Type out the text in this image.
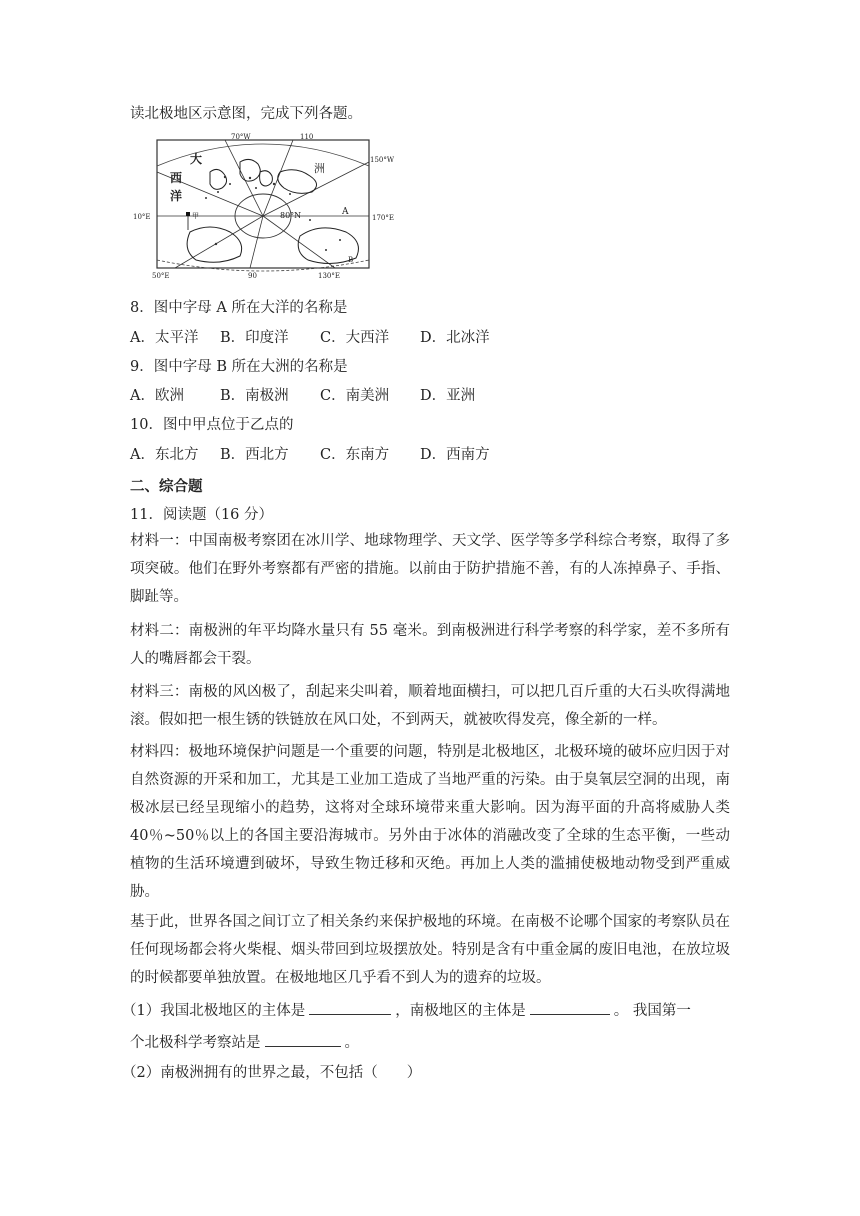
读北极地区示意图，完成下列各题。
70°W	110
150°W
大
洲
西
洋
10°E	170°E
甲	80°N	A
B
50°E	90	130°E
8．图中字母 A 所在大洋的名称是
A．太平洋 B．印度洋 C．大西洋 D．北冰洋
9．图中字母 B 所在大洲的名称是
A．欧洲 B．南极洲 C．南美洲 D．亚洲
10．图中甲点位于乙点的
A．东北方 B．西北方 C．东南方 D．西南方
二、综合题
11．阅读题（16 分）
材料一：中国南极考察团在冰川学、地球物理学、天文学、医学等多学科综合考察，取得了多项突破。他们在野外考察都有严密的措施。以前由于防护措施不善，有的人冻掉鼻子、手指、脚趾等。
材料二：南极洲的年平均降水量只有 55 毫米。到南极洲进行科学考察的科学家，差不多所有人的嘴唇都会干裂。
材料三：南极的风凶极了，刮起来尖叫着，顺着地面横扫，可以把几百斤重的大石头吹得满地滚。假如把一根生锈的铁链放在风口处，不到两天，就被吹得发亮，像全新的一样。
材料四：极地环境保护问题是一个重要的问题，特别是北极地区，北极环境的破坏应归因于对自然资源的开采和加工，尤其是工业加工造成了当地严重的污染。由于臭氧层空洞的出现，南极冰层已经呈现缩小的趋势，这将对全球环境带来重大影响。因为海平面的升高将威胁人类 40％~50％以上的各国主要沿海城市。另外由于冰体的消融改变了全球的生态平衡，一些动植物的生活环境遭到破坏，导致生物迁移和灭绝。再加上人类的滥捕使极地动物受到严重威胁。
基于此，世界各国之间订立了相关条约来保护极地的环境。在南极不论哪个国家的考察队员在任何现场都会将火柴棍、烟头带回到垃圾摆放处。特别是含有中重金属的废旧电池，在放垃圾的时候都要单独放置。在极地地区几乎看不到人为的遗弃的垃圾。
（1）我国北极地区的主体是	，南极地区的主体是	。 我国第一
个北极科学考察站是	。
（2）南极洲拥有的世界之最，不包括（　　）
